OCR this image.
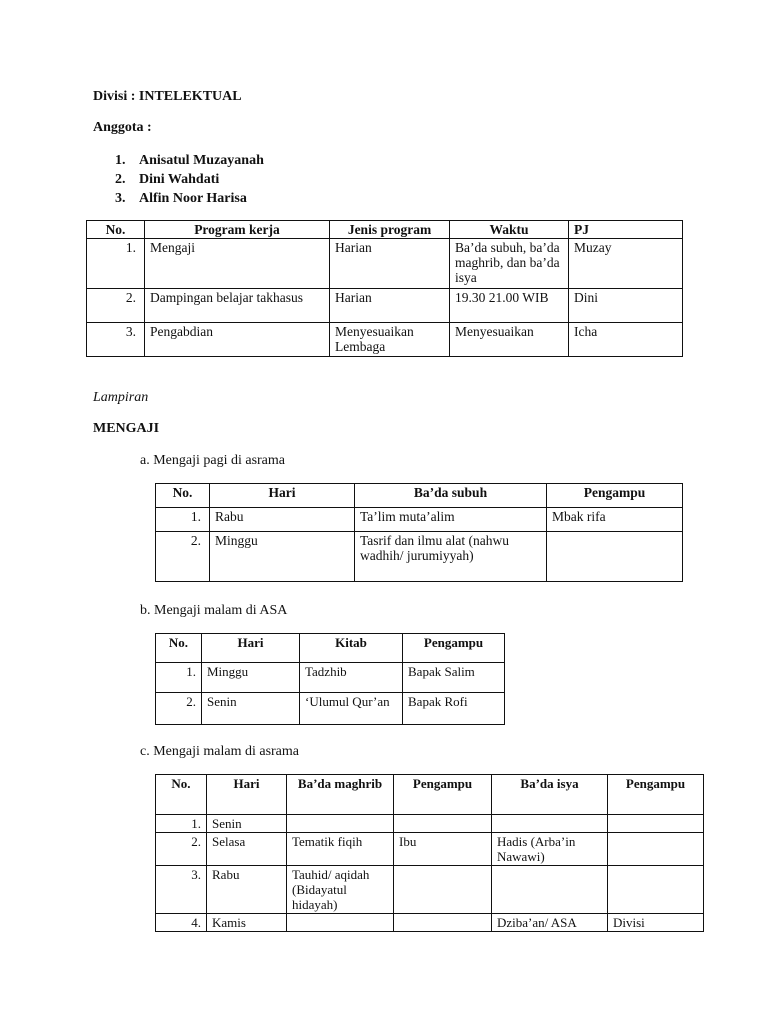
Divisi : INTELEKTUAL
Anggota :
1. Anisatul Muzayanah
2. Dini Wahdati
3. Alfin Noor Harisa
No.	Program kerja	Jenis program	Waktu	PJ
1.	Mengaji	Harian	Ba’da subuh, ba’da maghrib, dan ba’da isya	Muzay
2.	Dampingan belajar takhasus	Harian	19.30 21.00 WIB	Dini
3.	Pengabdian	Menyesuaikan Lembaga	Menyesuaikan	Icha
Lampiran
MENGAJI
a. Mengaji pagi di asrama
No.	Hari	Ba’da subuh	Pengampu
1.	Rabu	Ta’lim muta’alim	Mbak rifa
2.	Minggu	Tasrif dan ilmu alat (nahwu wadhih/ jurumiyyah)	
b. Mengaji malam di ASA
No.	Hari	Kitab	Pengampu
1.	Minggu	Tadzhib	Bapak Salim
2.	Senin	‘Ulumul Qur’an	Bapak Rofi
c. Mengaji malam di asrama
No.	Hari	Ba’da maghrib	Pengampu	Ba’da isya	Pengampu
1.	Senin				
2.	Selasa	Tematik fiqih	Ibu	Hadis (Arba’in Nawawi)	
3.	Rabu	Tauhid/ aqidah (Bidayatul hidayah)			
4.	Kamis			Dziba’an/ ASA	Divisi
